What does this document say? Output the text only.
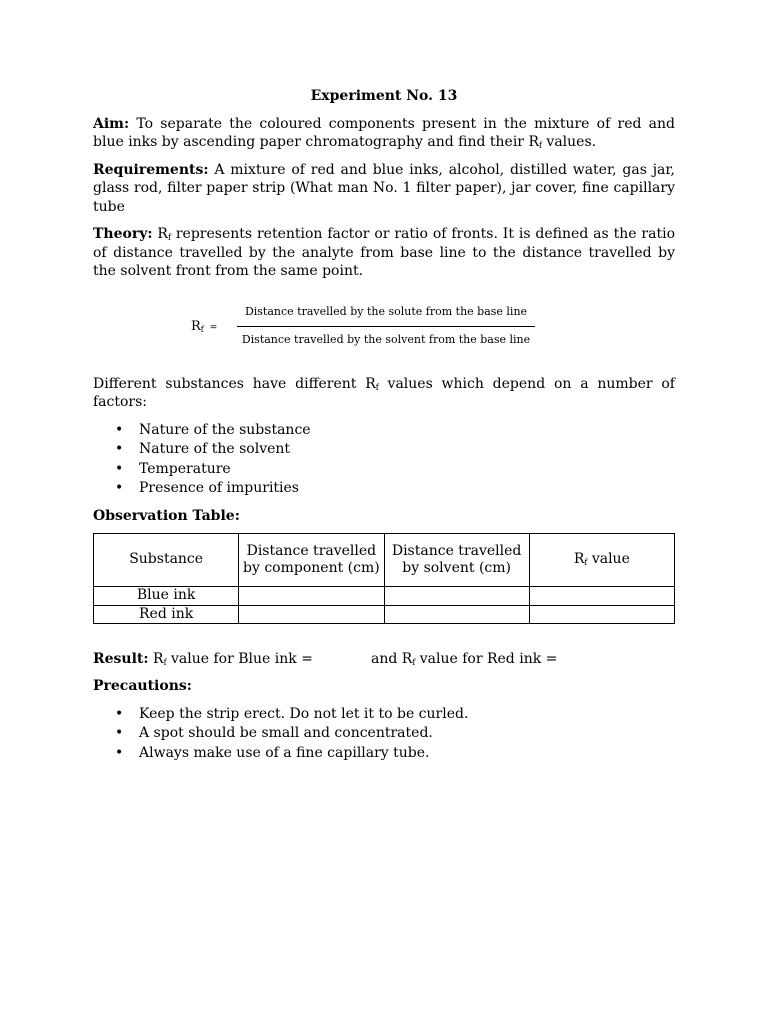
Experiment No. 13

Aim: To separate the coloured components present in the mixture of red and blue inks by ascending paper chromatography and find their $R_f$ values.

Requirements: A mixture of red and blue inks, alcohol, distilled water, gas jar, glass rod, filter paper strip (What man No. 1 filter paper), jar cover, fine capillary tube

Theory: $R_f$ represents retention factor or ratio of fronts. It is defined as the ratio of distance travelled by the analyte from base line to the distance travelled by the solvent front from the same point.

$R_f$ =
Distance travelled by the solute from the base line
Distance travelled by the solvent from the base line

Different substances have different $R_f$ values which depend on a number of factors:

• Nature of the substance
• Nature of the solvent
• Temperature
• Presence of impurities
Observation Table:
Substance	Distance travelled by component (cm)	Distance travelled by solvent (cm)	$R_f$ value
Blue ink			
Red ink			
Result: $R_f$ value for Blue ink =	and $R_f$ value for Red ink =
Precautions:
• Keep the strip erect. Do not let it to be curled.
• A spot should be small and concentrated.
• Always make use of a fine capillary tube.
